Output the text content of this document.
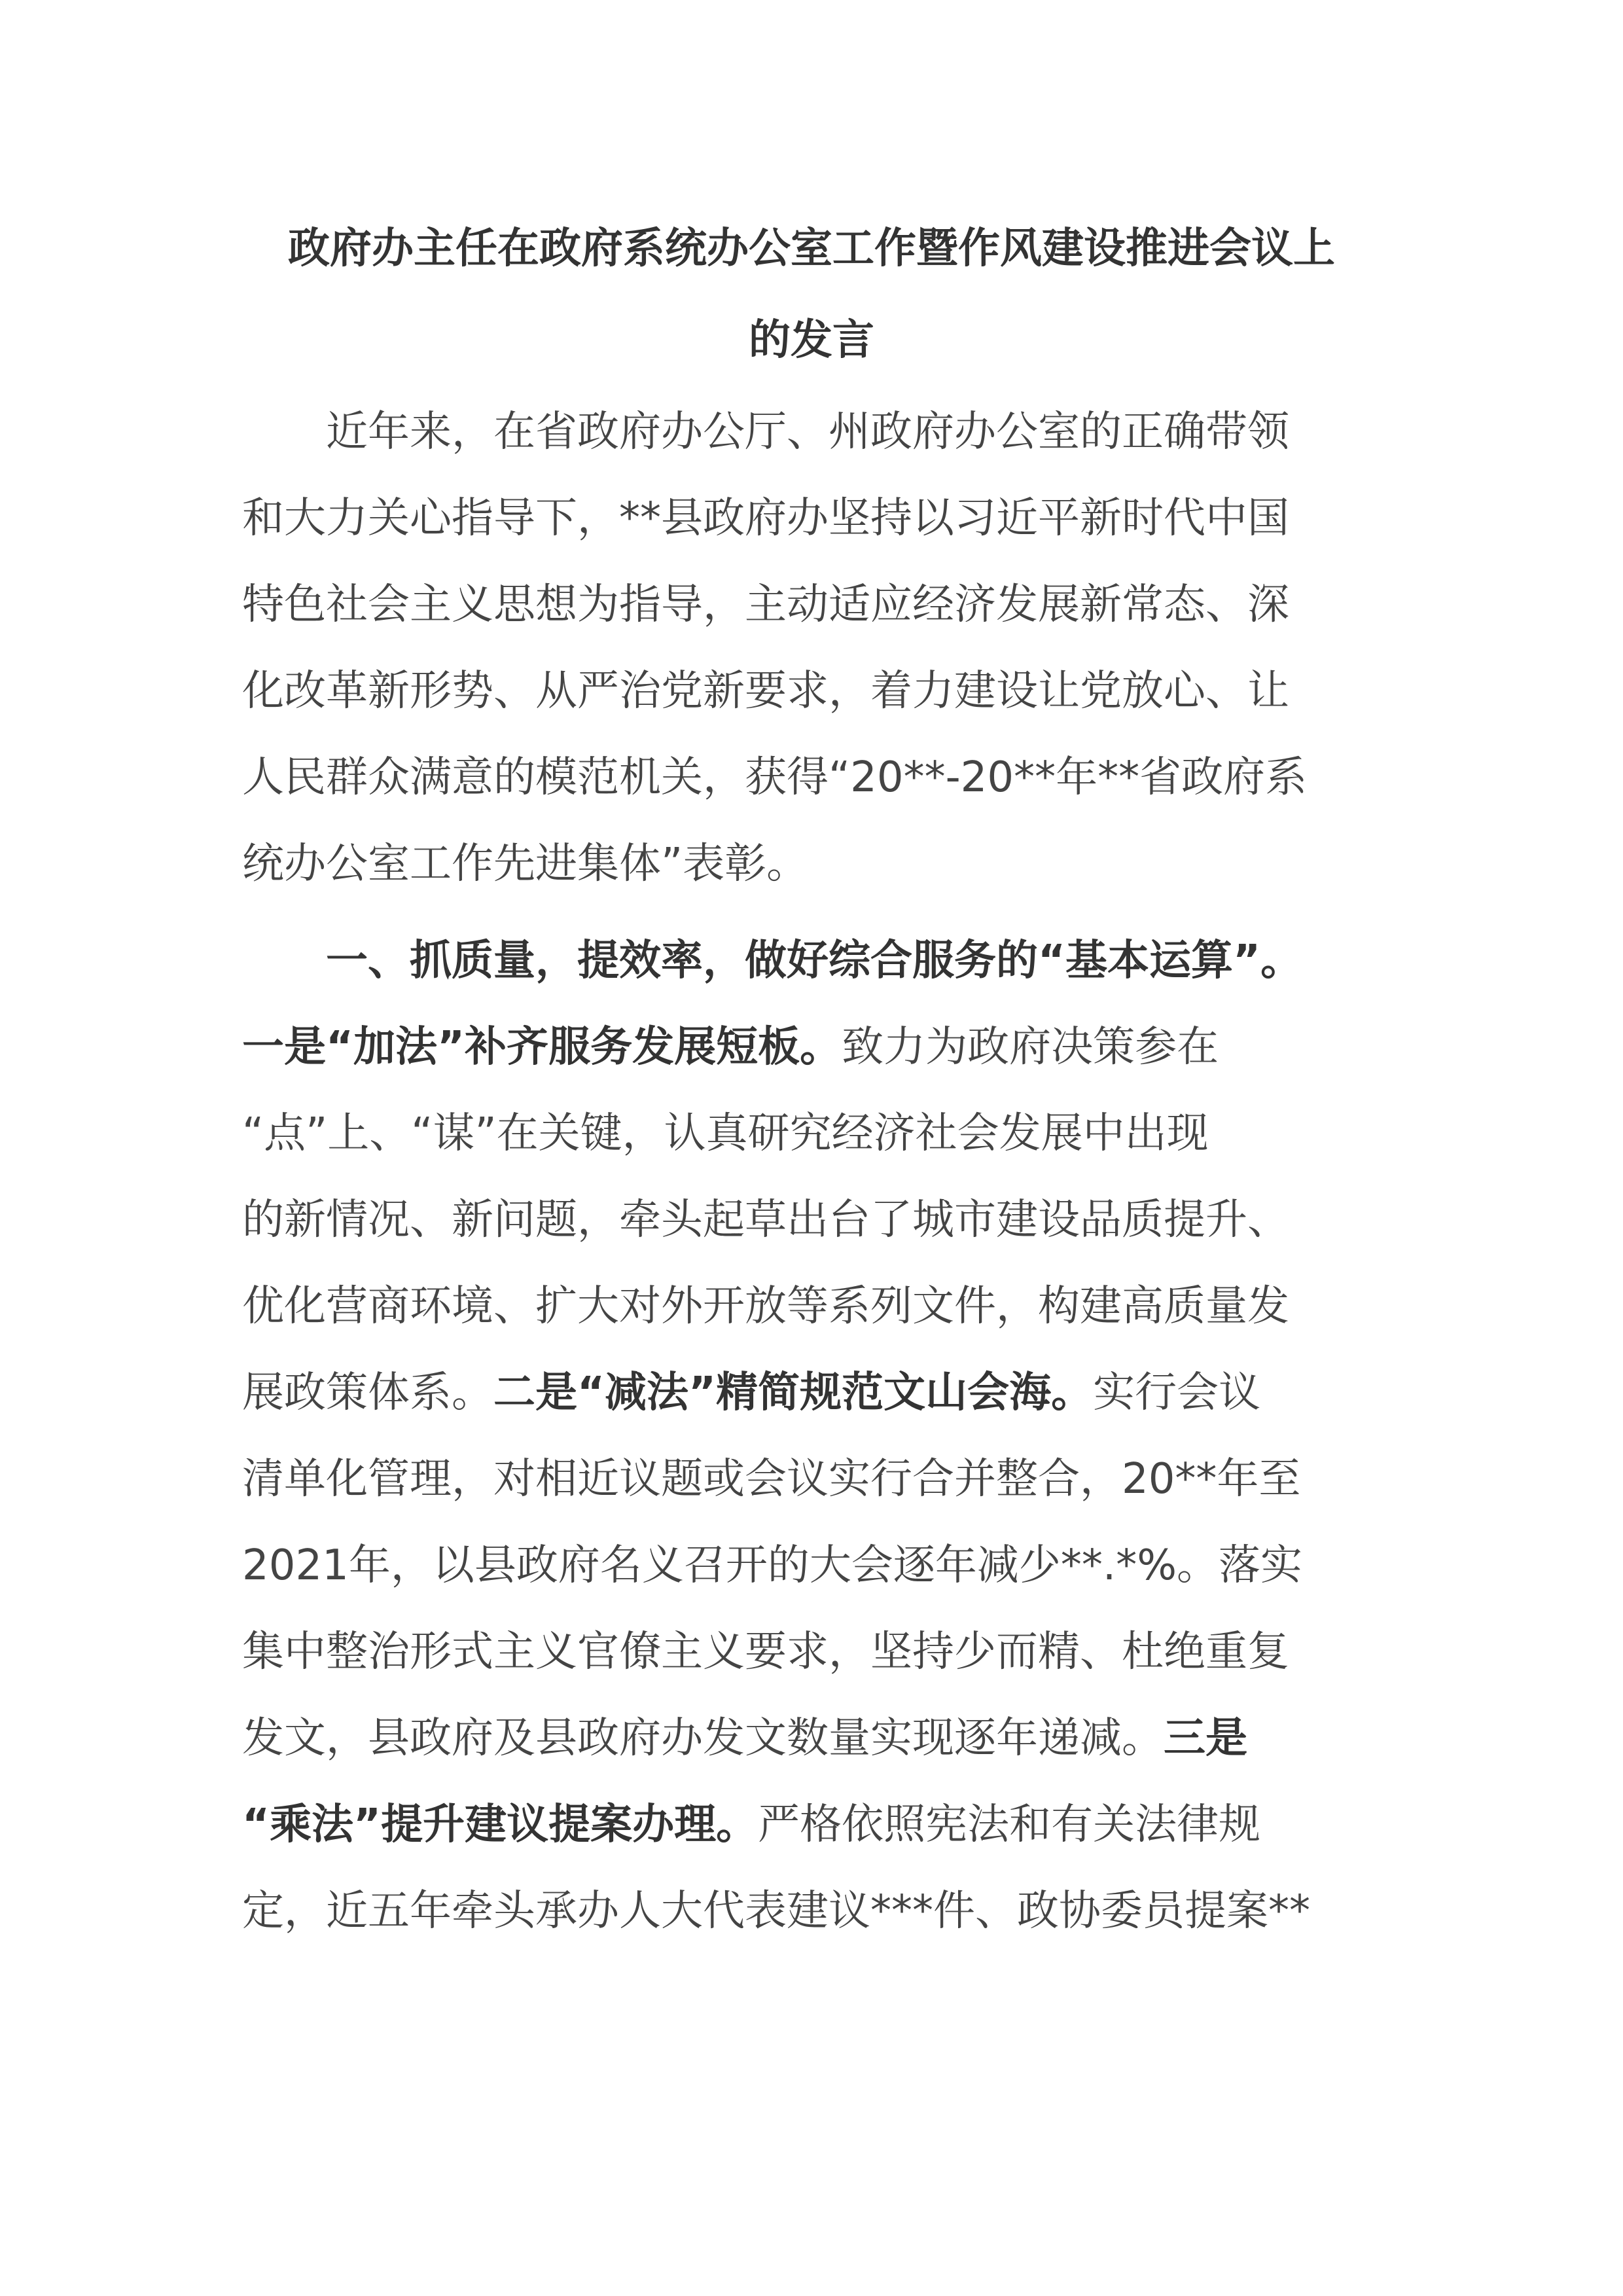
政府办主任在政府系统办公室工作暨作风建设推进会议上
的发言
　　近年来，在省政府办公厅、州政府办公室的正确带领
和大力关心指导下，**县政府办坚持以习近平新时代中国
特色社会主义思想为指导，主动适应经济发展新常态、深
化改革新形势、从严治党新要求，着力建设让党放心、让
人民群众满意的模范机关，获得“20**-20**年**省政府系
统办公室工作先进集体”表彰。
　　一、抓质量，提效率，做好综合服务的“基本运算”。
一是“加法”补齐服务发展短板。致力为政府决策参在
“点”上、“谋”在关键，认真研究经济社会发展中出现
的新情况、新问题，牵头起草出台了城市建设品质提升、
优化营商环境、扩大对外开放等系列文件，构建高质量发
展政策体系。二是“减法”精简规范文山会海。实行会议
清单化管理，对相近议题或会议实行合并整合，20**年至
2021年，以县政府名义召开的大会逐年减少**.*%。落实
集中整治形式主义官僚主义要求，坚持少而精、杜绝重复
发文，县政府及县政府办发文数量实现逐年递减。三是
“乘法”提升建议提案办理。严格依照宪法和有关法律规
定，近五年牵头承办人大代表建议***件、政协委员提案**
